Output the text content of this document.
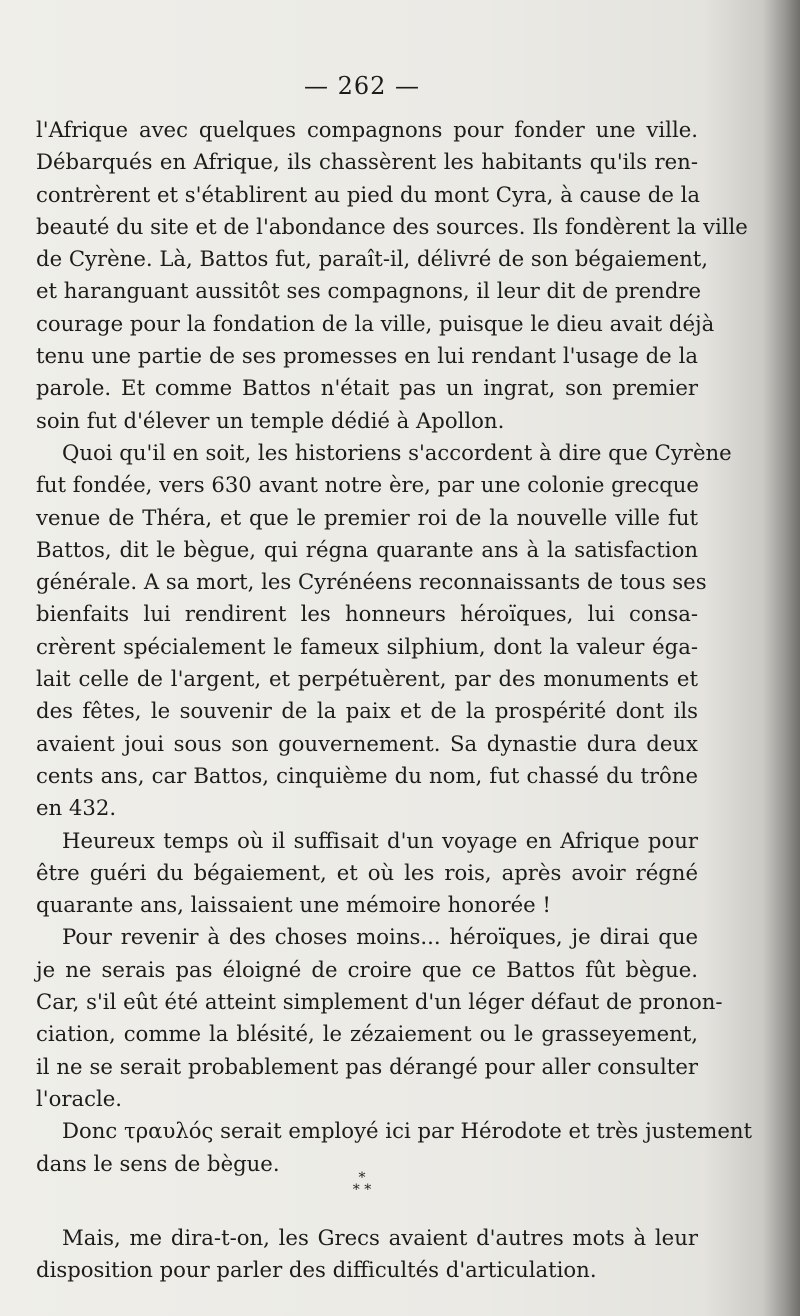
— 262 —

l'Afrique avec quelques compagnons pour fonder une ville.
Débarqués en Afrique, ils chassèrent les habitants qu'ils ren-
contrèrent et s'établirent au pied du mont Cyra, à cause de la
beauté du site et de l'abondance des sources. Ils fondèrent la ville
de Cyrène. Là, Battos fut, paraît-il, délivré de son bégaiement,
et haranguant aussitôt ses compagnons, il leur dit de prendre
courage pour la fondation de la ville, puisque le dieu avait déjà
tenu une partie de ses promesses en lui rendant l'usage de la
parole. Et comme Battos n'était pas un ingrat, son premier
soin fut d'élever un temple dédié à Apollon.

Quoi qu'il en soit, les historiens s'accordent à dire que Cyrène
fut fondée, vers 630 avant notre ère, par une colonie grecque
venue de Théra, et que le premier roi de la nouvelle ville fut
Battos, dit le bègue, qui régna quarante ans à la satisfaction
générale. A sa mort, les Cyrénéens reconnaissants de tous ses
bienfaits lui rendirent les honneurs héroïques, lui consa-
crèrent spécialement le fameux silphium, dont la valeur éga-
lait celle de l'argent, et perpétuèrent, par des monuments et
des fêtes, le souvenir de la paix et de la prospérité dont ils
avaient joui sous son gouvernement. Sa dynastie dura deux
cents ans, car Battos, cinquième du nom, fut chassé du trône
en 432.

Heureux temps où il suffisait d'un voyage en Afrique pour
être guéri du bégaiement, et où les rois, après avoir régné
quarante ans, laissaient une mémoire honorée !

Pour revenir à des choses moins... héroïques, je dirai que
je ne serais pas éloigné de croire que ce Battos fût bègue.
Car, s'il eût été atteint simplement d'un léger défaut de pronon-
ciation, comme la blésité, le zézaiement ou le grasseyement,
il ne se serait probablement pas dérangé pour aller consulter
l'oracle.

Donc τραυλός serait employé ici par Hérodote et très justement
dans le sens de bègue.

*
* *

Mais, me dira-t-on, les Grecs avaient d'autres mots à leur
disposition pour parler des difficultés d'articulation.
